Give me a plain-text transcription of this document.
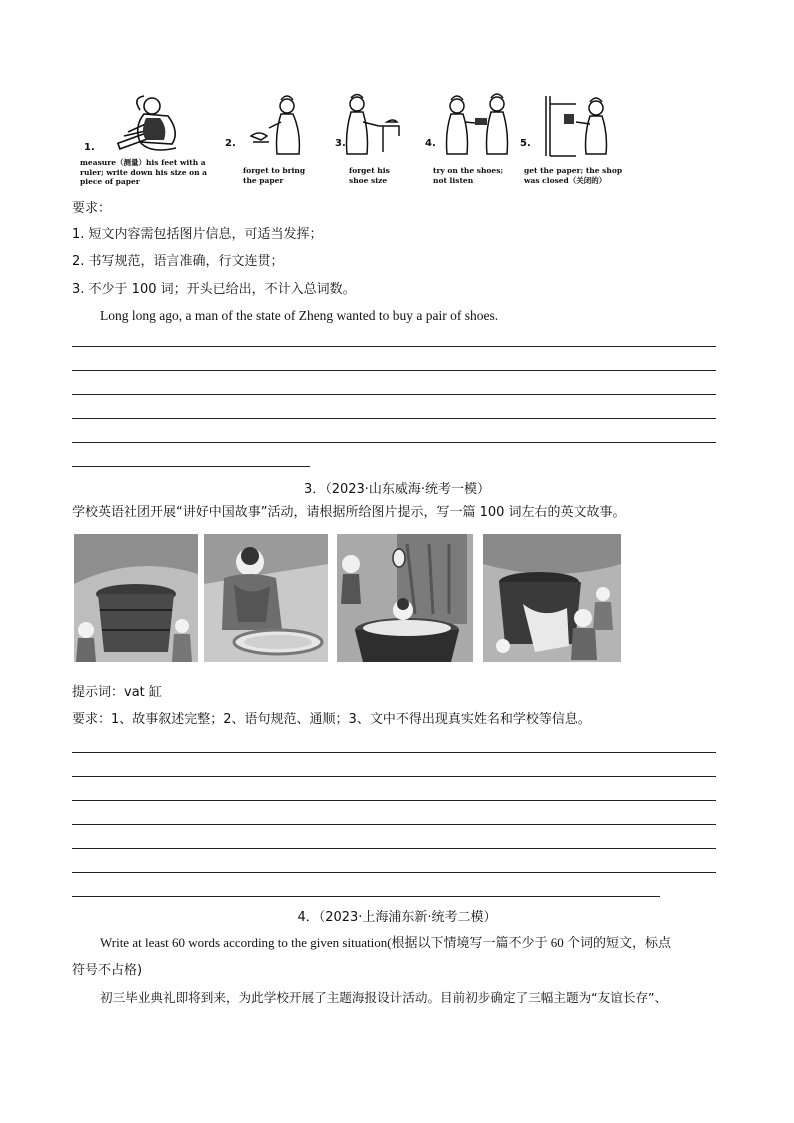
1.
measure（测量）his feet with a
ruler; write down his size on a
piece of paper
2.
forget to bring
the paper
3.
forget his
shoe size
4.
try on the shoes;
not listen
5.
get the paper; the shop
was closed（关闭的）
要求：
1. 短文内容需包括图片信息，可适当发挥；
2. 书写规范，语言准确，行文连贯；
3. 不少于 100 词；开头已给出，不计入总词数。
Long long ago, a man of the state of Zheng wanted to buy a pair of shoes.
3．（2023·山东威海·统考一模）
学校英语社团开展“讲好中国故事”活动，请根据所给图片提示，写一篇 100 词左右的英文故事。
提示词：vat 缸
要求：1、故事叙述完整；2、语句规范、通顺；3、文中不得出现真实姓名和学校等信息。
4．（2023·上海浦东新·统考二模）
Write at least 60 words according to the given situation(根据以下情境写一篇不少于 60 个词的短文，标点
符号不占格)
初三毕业典礼即将到来，为此学校开展了主题海报设计活动。目前初步确定了三幅主题为“友谊长存”、
